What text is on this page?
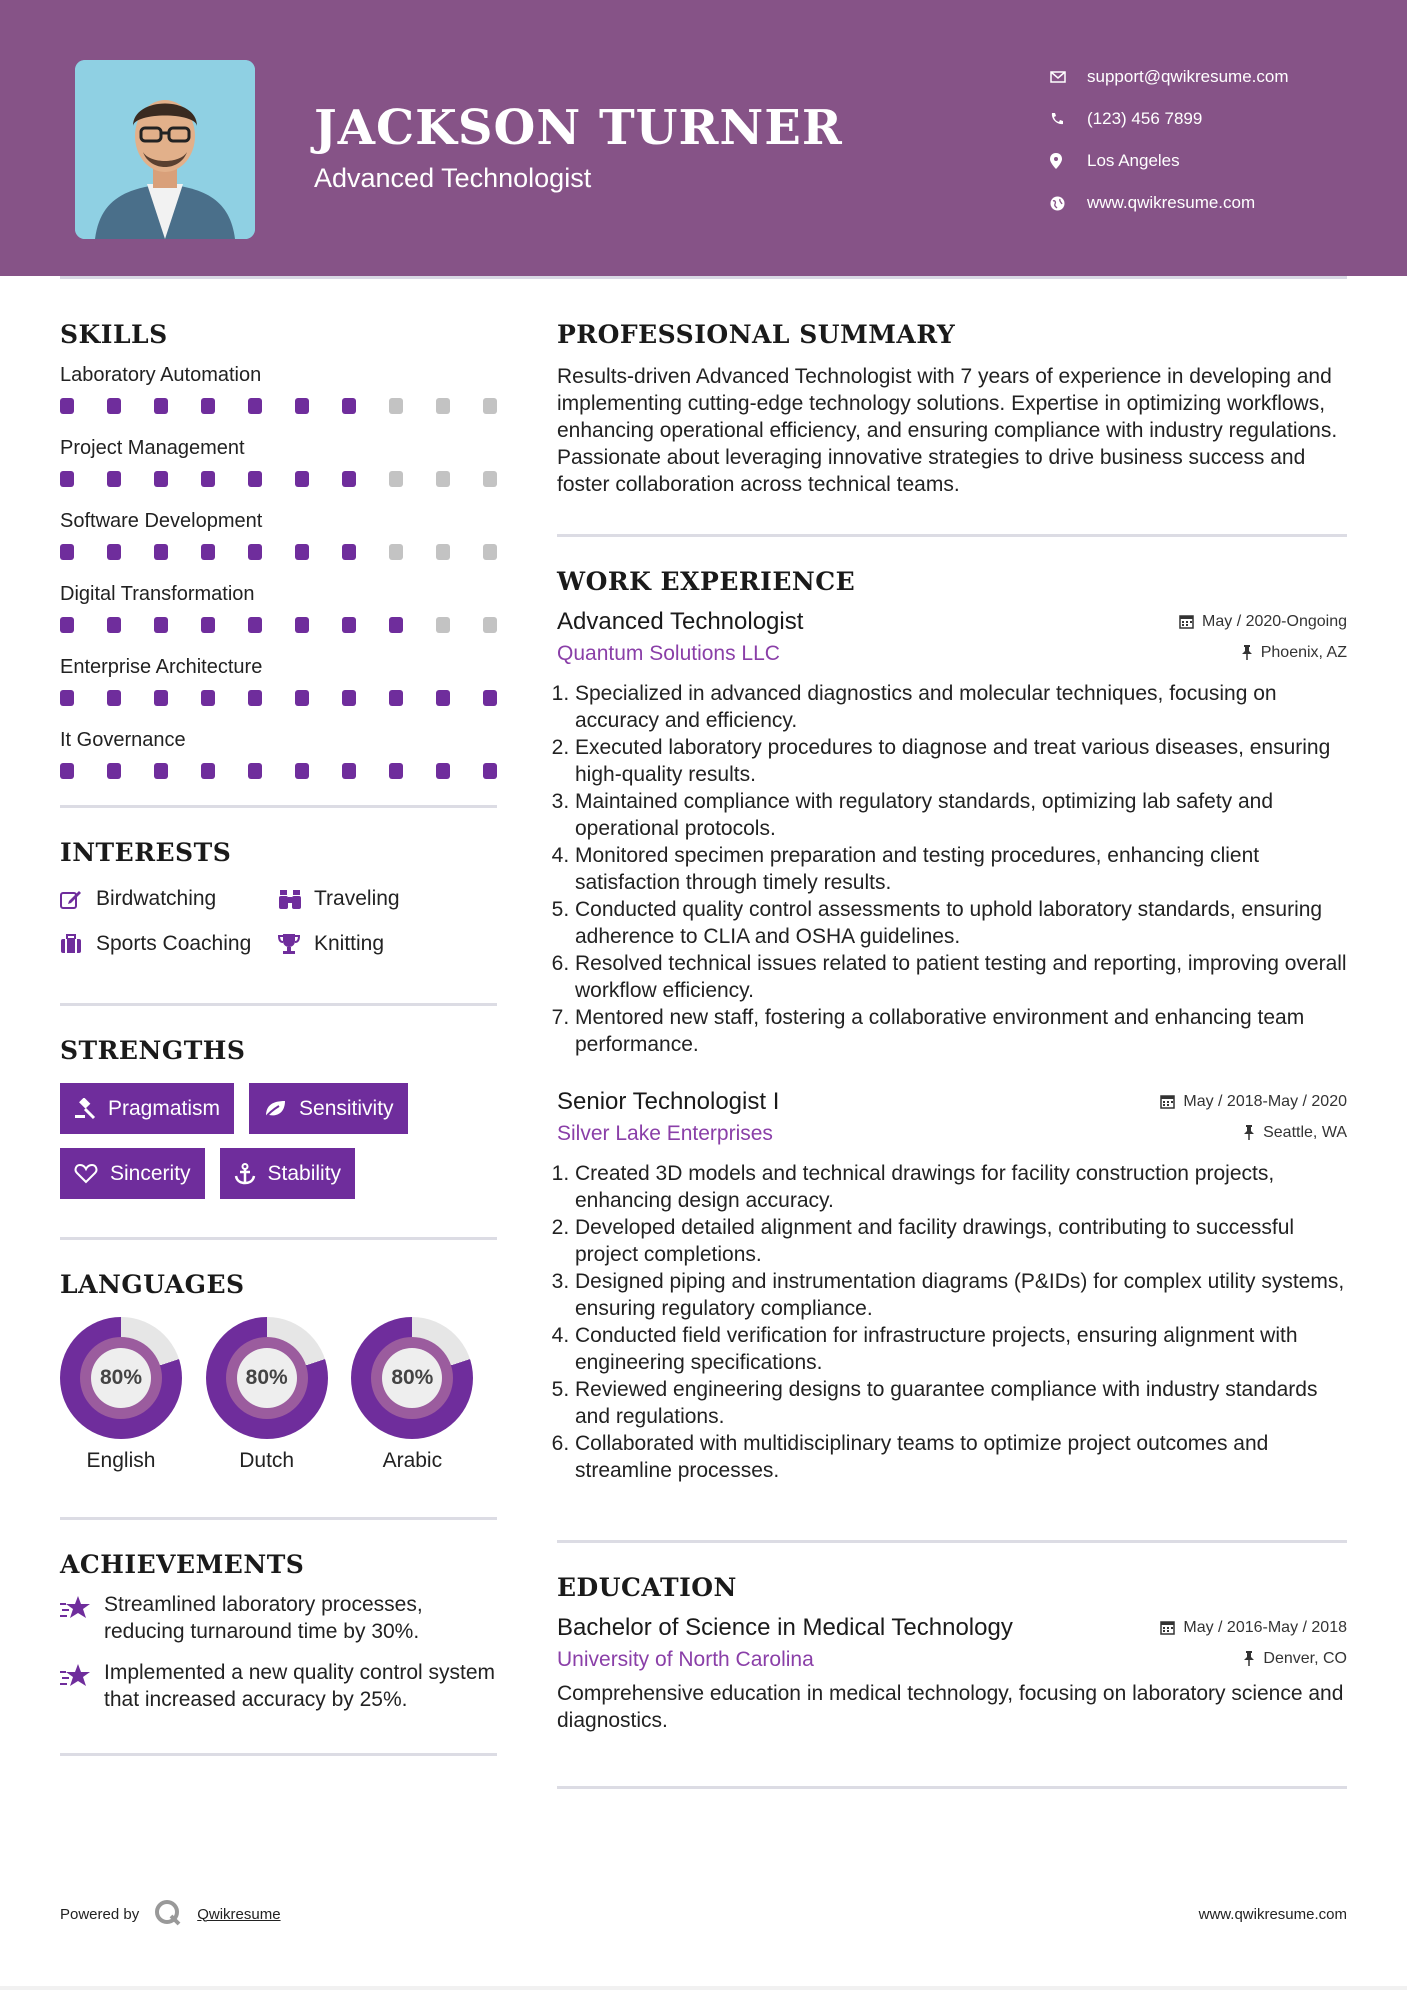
JACKSON TURNER
Advanced Technologist
support@qwikresume.com
(123) 456 7899
Los Angeles
www.qwikresume.com
SKILLS
Laboratory Automation
Project Management
Software Development
Digital Transformation
Enterprise Architecture
It Governance
INTERESTS
Birdwatching	Traveling
Sports Coaching	Knitting
STRENGTHS
Pragmatism	Sensitivity
Sincerity	Stability
LANGUAGES
80%
English
80%
Dutch
80%
Arabic
ACHIEVEMENTS
Streamlined laboratory processes, reducing turnaround time by 30%.
Implemented a new quality control system that increased accuracy by 25%.
PROFESSIONAL SUMMARY
Results-driven Advanced Technologist with 7 years of experience in developing and implementing cutting-edge technology solutions. Expertise in optimizing workflows, enhancing operational efficiency, and ensuring compliance with industry regulations. Passionate about leveraging innovative strategies to drive business success and foster collaboration across technical teams.
WORK EXPERIENCE
Advanced Technologist	May / 2020-Ongoing
Quantum Solutions LLC	Phoenix, AZ
1. Specialized in advanced diagnostics and molecular techniques, focusing on accuracy and efficiency.
2. Executed laboratory procedures to diagnose and treat various diseases, ensuring high-quality results.
3. Maintained compliance with regulatory standards, optimizing lab safety and operational protocols.
4. Monitored specimen preparation and testing procedures, enhancing client satisfaction through timely results.
5. Conducted quality control assessments to uphold laboratory standards, ensuring adherence to CLIA and OSHA guidelines.
6. Resolved technical issues related to patient testing and reporting, improving overall workflow efficiency.
7. Mentored new staff, fostering a collaborative environment and enhancing team performance.
Senior Technologist I	May / 2018-May / 2020
Silver Lake Enterprises	Seattle, WA
1. Created 3D models and technical drawings for facility construction projects, enhancing design accuracy.
2. Developed detailed alignment and facility drawings, contributing to successful project completions.
3. Designed piping and instrumentation diagrams (P&IDs) for complex utility systems, ensuring regulatory compliance.
4. Conducted field verification for infrastructure projects, ensuring alignment with engineering specifications.
5. Reviewed engineering designs to guarantee compliance with industry standards and regulations.
6. Collaborated with multidisciplinary teams to optimize project outcomes and streamline processes.
EDUCATION
Bachelor of Science in Medical Technology	May / 2016-May / 2018
University of North Carolina	Denver, CO
Comprehensive education in medical technology, focusing on laboratory science and diagnostics.
Powered by	Qwikresume	www.qwikresume.com
